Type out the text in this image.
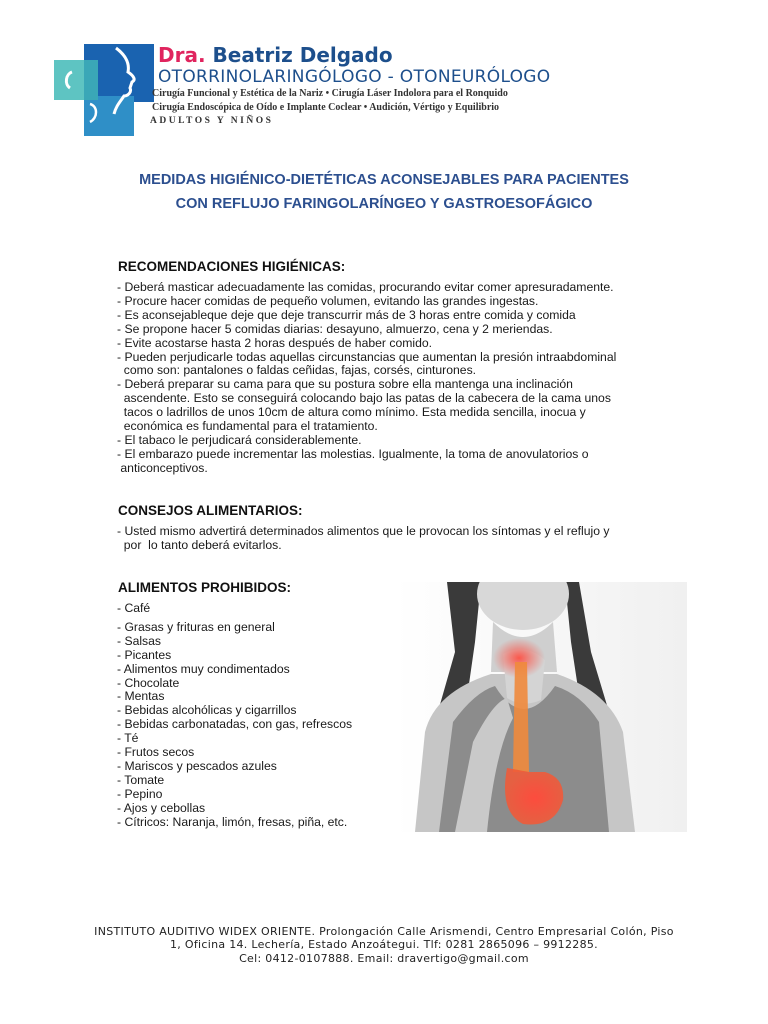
Dra. Beatriz Delgado
OTORRINOLARINGÓLOGO - OTONEURÓLOGO
Cirugía Funcional y Estética de la Nariz • Cirugía Láser Indolora para el Ronquido
Cirugía Endoscópica de Oído e Implante Coclear • Audición, Vértigo y Equilibrio
ADULTOS Y NIÑOS
MEDIDAS HIGIÉNICO-DIETÉTICAS ACONSEJABLES PARA PACIENTES
CON REFLUJO FARINGOLARÍNGEO Y GASTROESOFÁGICO
RECOMENDACIONES HIGIÉNICAS:
- Deberá masticar adecuadamente las comidas, procurando evitar comer apresuradamente.
- Procure hacer comidas de pequeño volumen, evitando las grandes ingestas.
- Es aconsejableque deje que deje transcurrir más de 3 horas entre comida y comida
- Se propone hacer 5 comidas diarias: desayuno, almuerzo, cena y 2 meriendas.
- Evite acostarse hasta 2 horas después de haber comido.
- Pueden perjudicarle todas aquellas circunstancias que aumentan la presión intraabdominal
como son: pantalones o faldas ceñidas, fajas, corsés, cinturones.
- Deberá preparar su cama para que su postura sobre ella mantenga una inclinación
ascendente. Esto se conseguirá colocando bajo las patas de la cabecera de la cama unos
tacos o ladrillos de unos 10cm de altura como mínimo. Esta medida sencilla, inocua y
económica es fundamental para el tratamiento.
- El tabaco le perjudicará considerablemente.
- El embarazo puede incrementar las molestias. Igualmente, la toma de anovulatorios o
anticonceptivos.
CONSEJOS ALIMENTARIOS:
- Usted mismo advertirá determinados alimentos que le provocan los síntomas y el reflujo y
por  lo tanto deberá evitarlos.
ALIMENTOS PROHIBIDOS:
- Café
- Grasas y frituras en general
- Salsas
- Picantes
- Alimentos muy condimentados
- Chocolate
- Mentas
- Bebidas alcohólicas y cigarrillos
- Bebidas carbonatadas, con gas, refrescos
- Té
- Frutos secos
- Mariscos y pescados azules
- Tomate
- Pepino
- Ajos y cebollas
- Cítricos: Naranja, limón, fresas, piña, etc.
INSTITUTO AUDITIVO WIDEX ORIENTE. Prolongación Calle Arismendi, Centro Empresarial Colón, Piso
1, Oficina 14. Lechería, Estado Anzoátegui. Tlf: 0281 2865096 – 9912285.
Cel: 0412-0107888. Email: dravertigo@gmail.com
